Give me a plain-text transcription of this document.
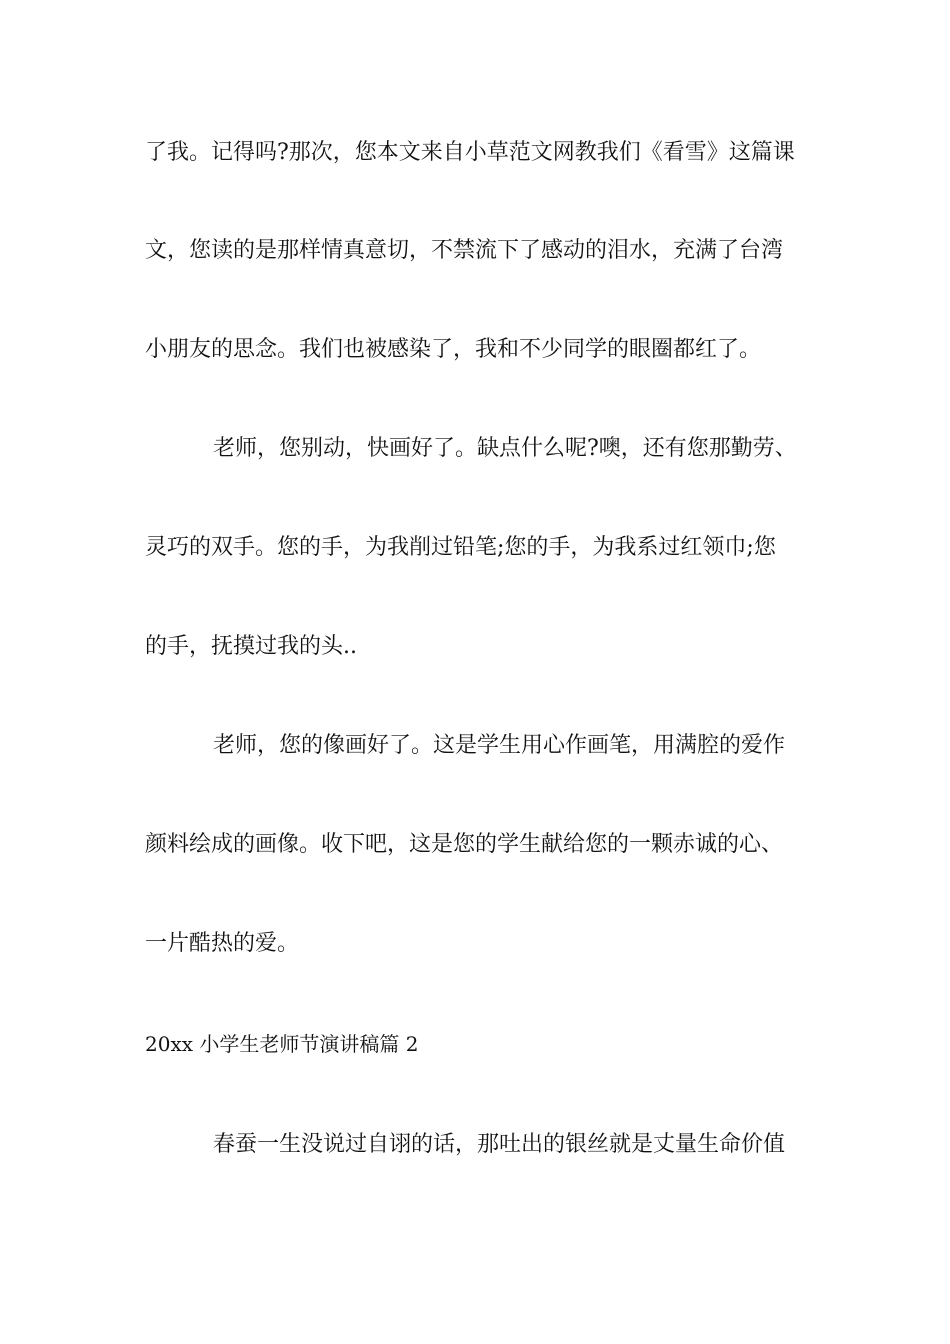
了我。记得吗?那次，您本文来自小草范文网教我们《看雪》这篇课
文，您读的是那样情真意切，不禁流下了感动的泪水，充满了台湾
小朋友的思念。我们也被感染了，我和不少同学的眼圈都红了。
老师，您别动，快画好了。缺点什么呢?噢，还有您那勤劳、
灵巧的双手。您的手，为我削过铅笔;您的手，为我系过红领巾;您
的手，抚摸过我的头..
老师，您的像画好了。这是学生用心作画笔，用满腔的爱作
颜料绘成的画像。收下吧，这是您的学生献给您的一颗赤诚的心、
一片酷热的爱。
20xx 小学生老师节演讲稿篇 2
春蚕一生没说过自诩的话，那吐出的银丝就是丈量生命价值
